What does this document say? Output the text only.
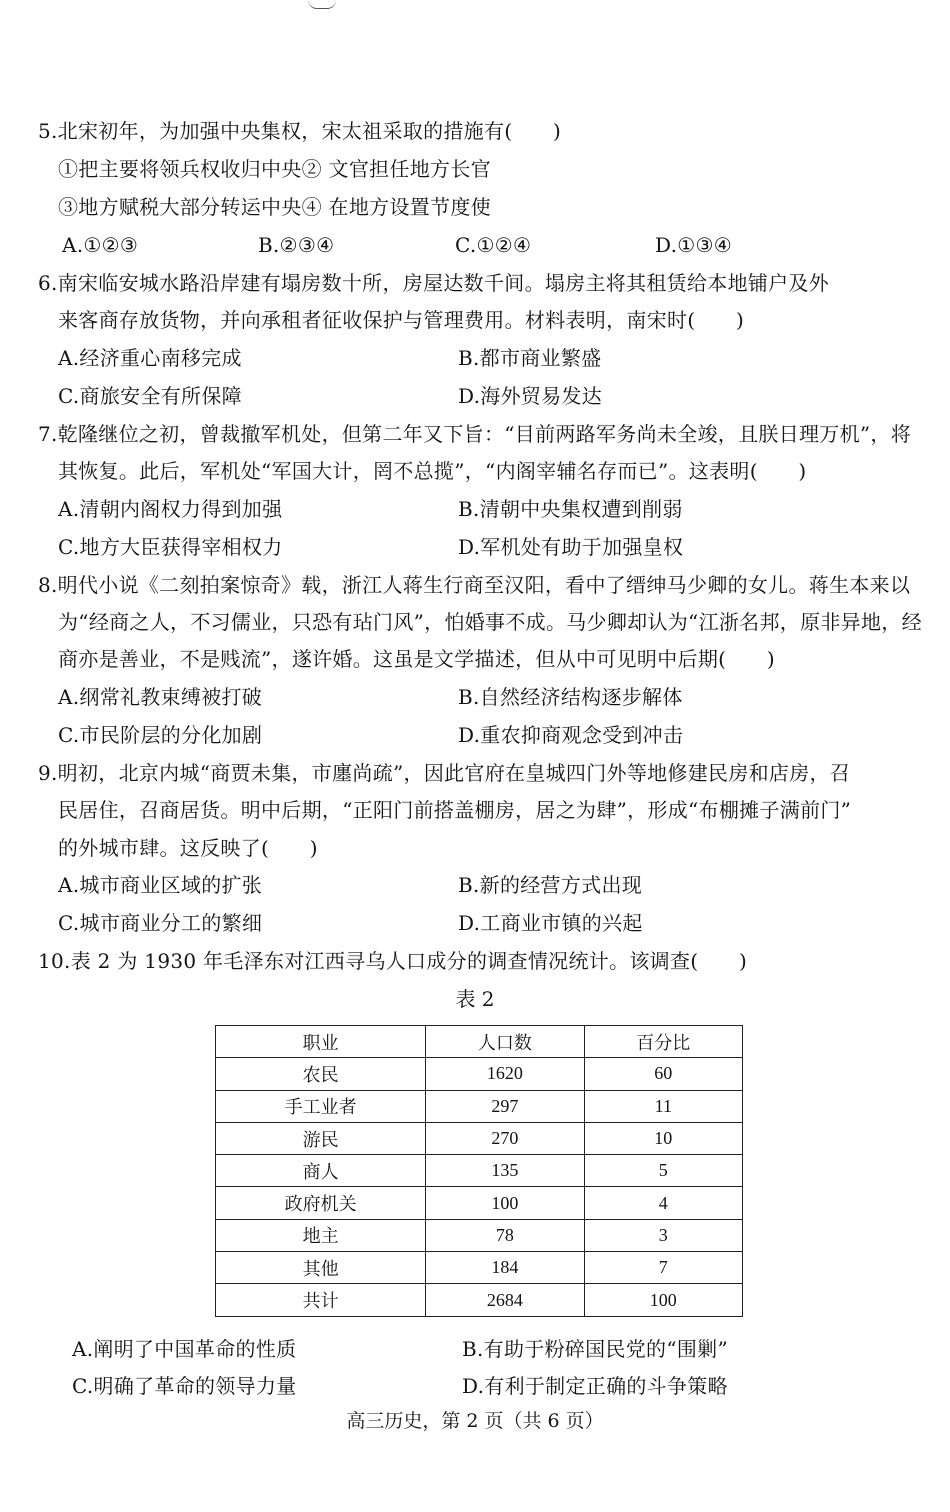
5.北宋初年，为加强中央集权，宋太祖采取的措施有(　　)
①把主要将领兵权收归中央② 文官担任地方长官
③地方赋税大部分转运中央④ 在地方设置节度使
A.①②③	B.②③④	C.①②④	D.①③④
6.南宋临安城水路沿岸建有塌房数十所，房屋达数千间。塌房主将其租赁给本地铺户及外
来客商存放货物，并向承租者征收保护与管理费用。材料表明，南宋时(　　)
A.经济重心南移完成	B.都市商业繁盛
C.商旅安全有所保障	D.海外贸易发达
7.乾隆继位之初，曾裁撤军机处，但第二年又下旨：“目前两路军务尚未全竣，且朕日理万机”，将
其恢复。此后，军机处“军国大计，罔不总揽”，“内阁宰辅名存而已”。这表明(　　)
A.清朝内阁权力得到加强	B.清朝中央集权遭到削弱
C.地方大臣获得宰相权力	D.军机处有助于加强皇权
8.明代小说《二刻拍案惊奇》载，浙江人蒋生行商至汉阳，看中了缙绅马少卿的女儿。蒋生本来以
为“经商之人，不习儒业，只恐有玷门风”，怕婚事不成。马少卿却认为“江浙名邦，原非异地，经
商亦是善业，不是贱流”，遂许婚。这虽是文学描述，但从中可见明中后期(　　)
A.纲常礼教束缚被打破	B.自然经济结构逐步解体
C.市民阶层的分化加剧	D.重农抑商观念受到冲击
9.明初，北京内城“商贾未集，市廛尚疏”，因此官府在皇城四门外等地修建民房和店房，召
民居住，召商居货。明中后期，“正阳门前搭盖棚房，居之为肆”，形成“布棚摊子满前门”
的外城市肆。这反映了(　　)
A.城市商业区域的扩张	B.新的经营方式出现
C.城市商业分工的繁细	D.工商业市镇的兴起
10.表 2 为 1930 年毛泽东对江西寻乌人口成分的调查情况统计。该调查(　　)
表 2
职业	人口数	百分比
农民	1620	60
手工业者	297	11
游民	270	10
商人	135	5
政府机关	100	4
地主	78	3
其他	184	7
共计	2684	100
A.阐明了中国革命的性质	B.有助于粉碎国民党的“围剿”
C.明确了革命的领导力量	D.有利于制定正确的斗争策略
高三历史，第 2 页（共 6 页）
